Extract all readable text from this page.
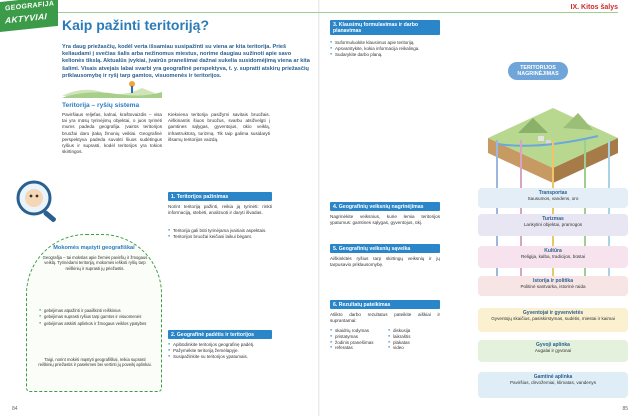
GEOGRAFIJA
AKTYVIAI
IX. Kitos šalys
Kaip pažinti teritoriją?
Yra daug priežasčių, kodėl verta išsamiau susipažinti su viena ar kita teritorija. Prieš keliaudami į svečias šalis arba nežinomus miestus, norime daugiau sužinoti apie savo kelionės tikslą. Aktualūs įvykiai, įvairūs pranešimai dažnai sukelia susidomėjimą viena ar kita šalimi. Visais atvejais labai svarbi yra geografinė perspektyva, t. y. supratti atskirų priežasčių priklausomybę ir ryšį tarp gamtos, visuomenės ir teritorijos.
Teritorija – ryšių sistema
Paviršiaus reljefas, kalnai, kraštovaizdis – visa tai yra mūsų tyrinėjimų objektai, o juos tyrinėti mums padeda geografija. Įvairūs teritorijos bruožai daro įtaką žmonių veiklai. Geografinė perspektyva padeda suvokti šiuos sudėtingus ryšius ir suprasti, kodėl teritorijos yra tokios skirtingos.
Kiekviena teritorija pasižymi savitais bruožais. Aiškinantis šiuos bruožus, svarbu atsižvelgti į gamtines sąlygas, gyventojus, ūkio veiklą, infrastruktūrą, turizmą. Tik taip galima susidaryti išsamų teritorijos vaizdą.
Mokomės mąstyti geografiškai
Geografija – tai mokslas apie žemės paviršių ir žmogaus veiklą. Tyrinėdami teritoriją, mokomės ieškoti ryšių tarp reiškinių ir suprasti jų priežastis.
● gebėjimas atpažinti ir paaiškinti reiškinius
● gebėjimas suprasti ryšius tarp gamtos ir visuomenės
● gebėjimas atskirti aplinkos ir žmogaus veiklos ypatybes
Taigi, norint mokėti mąstyti geografiškai, reikia suprasti reiškinių priežastis ir pasekmes bei vertinti jų poveikį aplinkai.
1. Teritorijos pažinimas
Norint teritoriją pažinti, reikia ją tyrinėti: rinkti informaciją, stebėti, analizuoti ir daryti išvadas.
● Teritorija gali būti tyrinėjama įvairiais aspektais.
● Teritorijos bruožai keičiasi laikui bėgant.
2. Geografinė padėtis ir teritorijos aprašymas
● Apibūdinkite teritorijos geografinę padėtį.
● Pažymėkite teritoriją žemėlapyje.
● Susipažinkite su teritorijos ypatumais.
84
3. Klausimų formulavimas ir darbo planavimas
● Suformuluokite klausimus apie teritoriją.
● Apsvarstykite, kokia informacija reikalinga.
● Sudarykite darbo planą.
4. Geografinių veiksnių nagrinėjimas
Nagrinėkite veiksnius, kurie lemia teritorijos ypatumus: gamtines sąlygas, gyventojus, ūkį.
5. Geografinių veiksnių sąveika
Aiškinkitės ryšius tarp skirtingų veiksnių ir jų tarpusavio priklausomybę.
6. Rezultatų pateikimas
Atlikto darbo rezultatus pateikite aiškiai ir suprantamai:
● skaidrių rodymas
● pristatymas
● žodinis pranešimas
● referatas
● diskusija
● laikraštis
● plakatas
● video
TERITORIJOS NAGRINĖJIMAS
Transportas
Sausumos, vandens, oro
Turizmas
Lankytini objektai, pramogos
Kultūra
Religija, kalba, tradicijos, būstai
Istorija ir politika
Politinė santvarka, istorinė raida
Gyventojai ir gyvenvietės
Gyventojų skaičius, pasiskirstymas, sudėtis, miestai ir kaimai
Gyvoji aplinka
Augalai ir gyvūnai
Gamtinė aplinka
Paviršius, dirvožemiai, klimatas, vandenys
85
